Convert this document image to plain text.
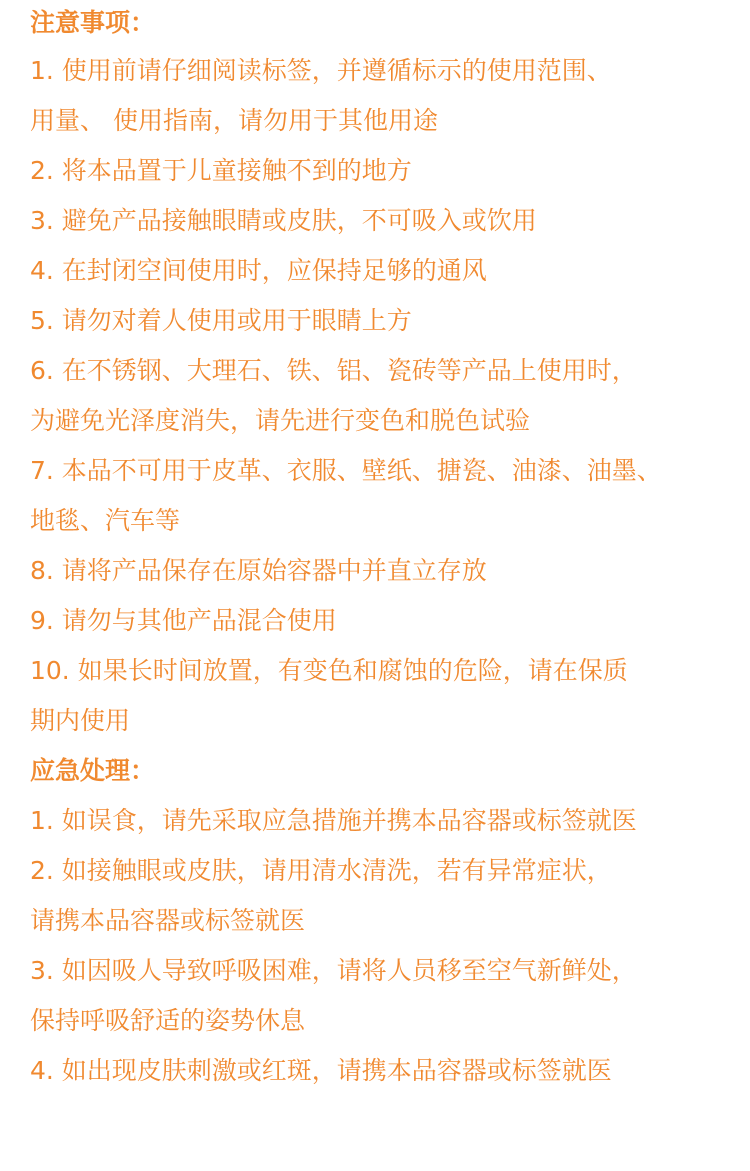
注意事项：
1. 使用前请仔细阅读标签，并遵循标示的使用范围、
用量、 使用指南，请勿用于其他用途
2. 将本品置于儿童接触不到的地方
3. 避免产品接触眼睛或皮肤，不可吸入或饮用
4. 在封闭空间使用时，应保持足够的通风
5. 请勿对着人使用或用于眼睛上方
6. 在不锈钢、大理石、铁、铝、瓷砖等产品上使用时，
为避免光泽度消失，请先进行变色和脱色试验
7. 本品不可用于皮革、衣服、壁纸、搪瓷、油漆、油墨、
地毯、汽车等
8. 请将产品保存在原始容器中并直立存放
9. 请勿与其他产品混合使用
10. 如果长时间放置，有变色和腐蚀的危险，请在保质
期内使用
应急处理：
1. 如误食，请先采取应急措施并携本品容器或标签就医
2. 如接触眼或皮肤，请用清水清洗，若有异常症状，
请携本品容器或标签就医
3. 如因吸人导致呼吸困难，请将人员移至空气新鲜处，
保持呼吸舒适的姿势休息
4. 如出现皮肤刺激或红斑，请携本品容器或标签就医
